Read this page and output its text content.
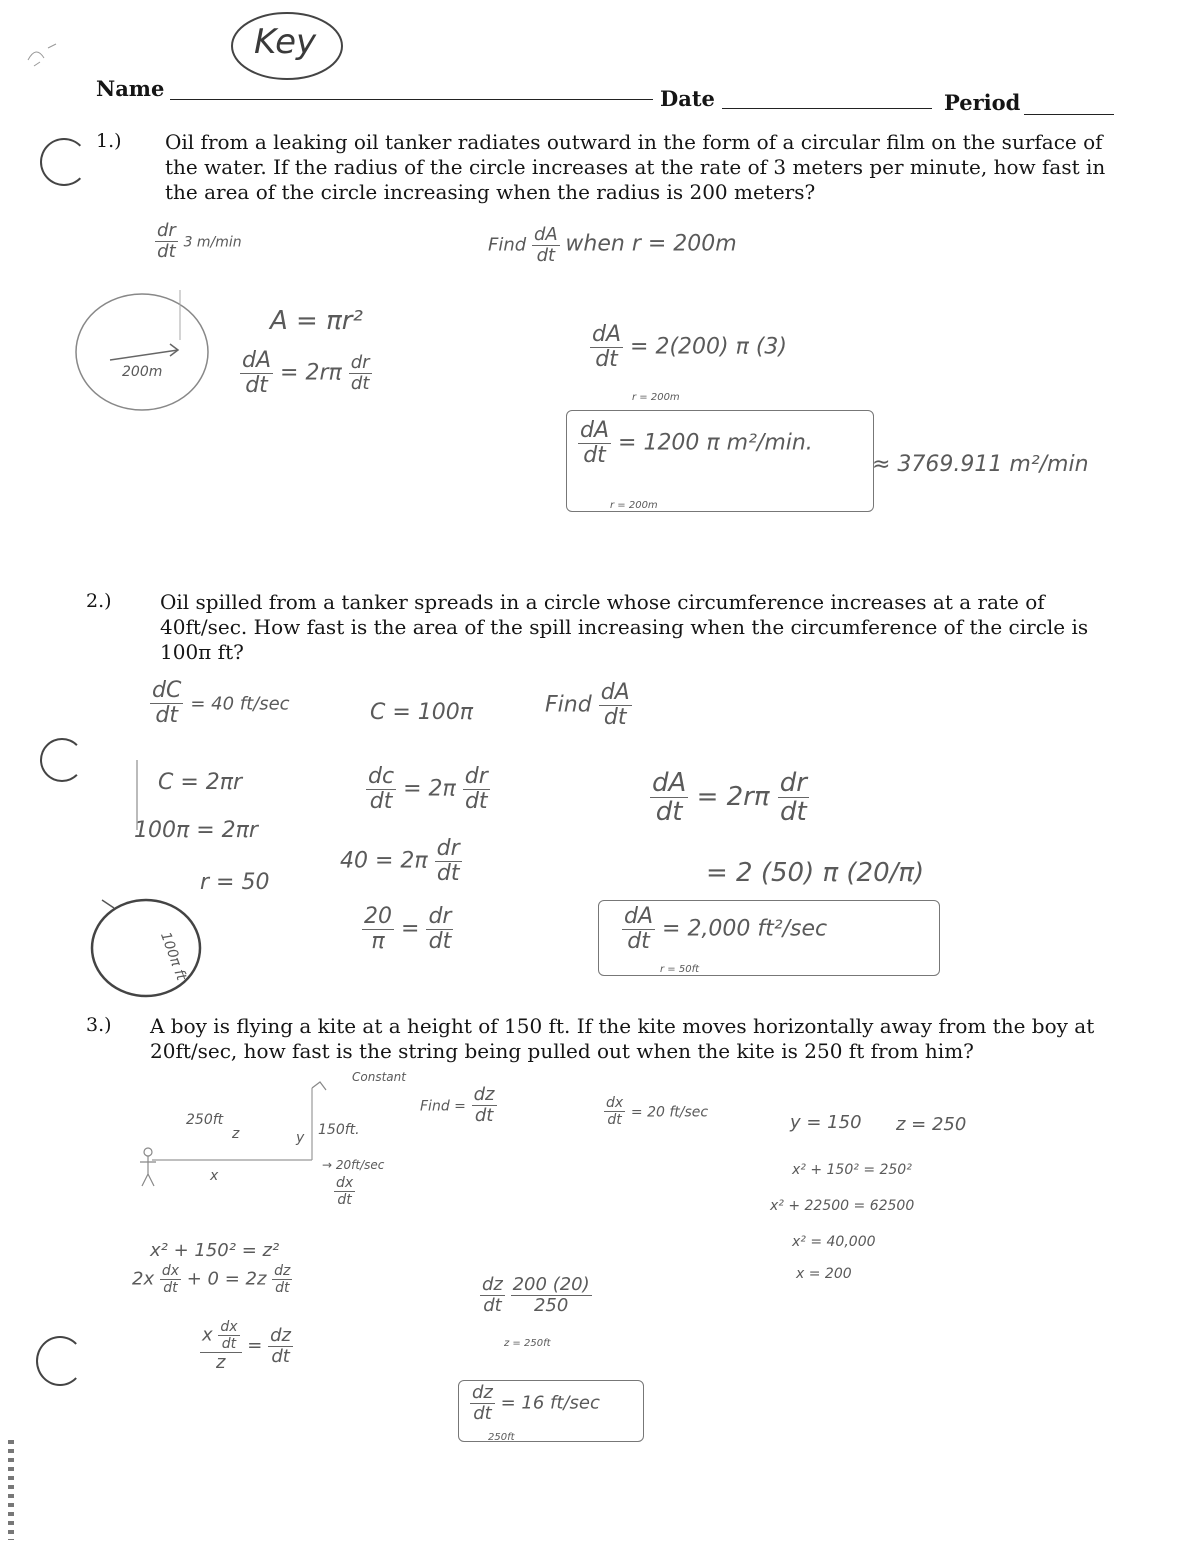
Key
Name	Date	Period
1.) Oil from a leaking oil tanker radiates outward in the form of a circular film on the surface of the water. If the radius of the circle increases at the rate of 3 meters per minute, how fast in the area of the circle increasing when the radius is 200 meters?
$\frac{dr}{dt} 3$ m/min	Find $\frac{dA}{dt}$ when r = 200m
200m
A = πr²
$\frac{dA}{dt} = 2r\pi \frac{dr}{dt}$
$\frac{dA}{dt} = 2(200)$ π (3)
r = 200m
$\frac{dA}{dt} = 1200$ π m²/min.
r = 200m
≈ 3769.911 m²/min
2.) Oil spilled from a tanker spreads in a circle whose circumference increases at a rate of 40ft/sec. How fast is the area of the spill increasing when the circumference of the circle is 100π ft?
$\frac{dC}{dt} = 40$ ft/sec	C = 100π	Find $\frac{dA}{dt}$
C = 2πr
100π = 2πr
r = 50
$\frac{dc}{dt} = 2\pi \frac{dr}{dt}$
$40 = 2\pi \frac{dr}{dt}$
$\frac{20}{\pi} = \frac{dr}{dt}$
$\frac{dA}{dt} = 2r\pi \frac{dr}{dt}$
= 2 (50) π (20/π)
$\frac{dA}{dt} = 2,000$ ft²/sec
r = 50ft
100π ft
3.) A boy is flying a kite at a height of 150 ft. If the kite moves horizontally away from the boy at 20ft/sec, how fast is the string being pulled out when the kite is 250 ft from him?
Constant
250ft
z
x
y 150ft.
→ 20ft/sec
$\frac{dx}{dt}$
Find = $\frac{dz}{dt}$	$\frac{dx}{dt} = 20$ ft/sec	y = 150 z = 250
x² + 150² = 250²
x² + 22500 = 62500
x² = 40,000
x = 200
x² + 150² = z²
$2x \frac{dx}{dt} + 0 = 2z \frac{dz}{dt}$
$\frac{x \frac{dx}{dt}}{z} = \frac{dz}{dt}$
$\frac{dz}{dt}$
$\frac{200 (20)}{250}$
z = 250ft
$\frac{dz}{dt} = 16$ ft/sec
250ft
